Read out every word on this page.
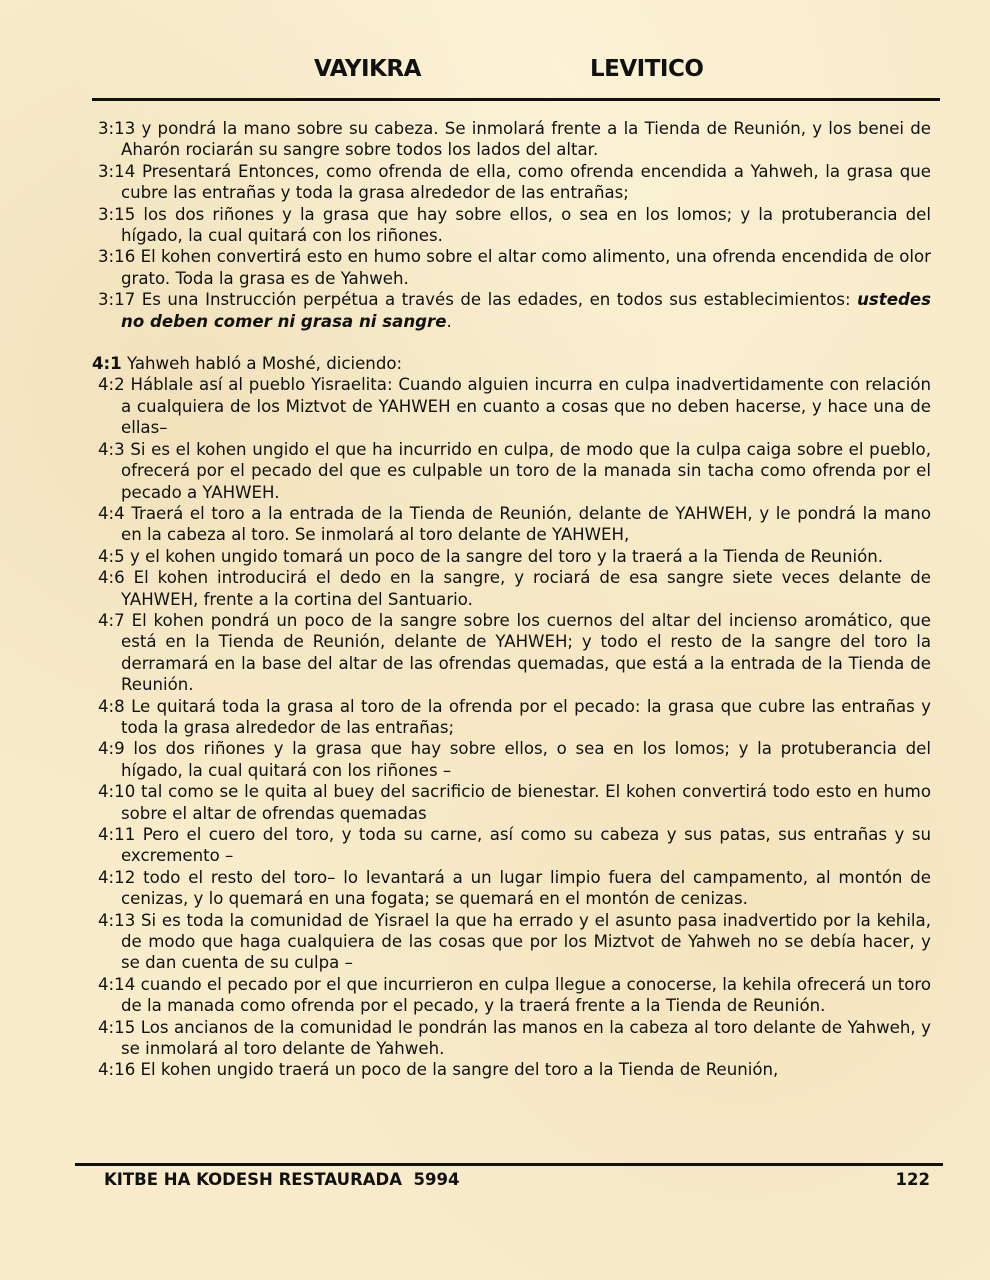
VAYIKRA	LEVITICO
3:13 y pondrá la mano sobre su cabeza. Se inmolará frente a la Tienda de Reunión, y los benei de Aharón rociarán su sangre sobre todos los lados del altar.
3:14 Presentará Entonces, como ofrenda de ella, como ofrenda encendida a Yahweh, la grasa que cubre las entrañas y toda la grasa alrededor de las entrañas;
3:15 los dos riñones y la grasa que hay sobre ellos, o sea en los lomos; y la protuberancia del hígado, la cual quitará con los riñones.
3:16 El kohen convertirá esto en humo sobre el altar como alimento, una ofrenda encendida de olor grato. Toda la grasa es de Yahweh.
3:17 Es una Instrucción perpétua a través de las edades, en todos sus establecimientos: ustedes no deben comer ni grasa ni sangre.
4:1 Yahweh habló a Moshé, diciendo:
4:2 Háblale así al pueblo Yisraelita: Cuando alguien incurra en culpa inadvertidamente con relación a cualquiera de los Miztvot de YAHWEH en cuanto a cosas que no deben hacerse, y hace una de ellas–
4:3 Si es el kohen ungido el que ha incurrido en culpa, de modo que la culpa caiga sobre el pueblo, ofrecerá por el pecado del que es culpable un toro de la manada sin tacha como ofrenda por el pecado a YAHWEH.
4:4 Traerá el toro a la entrada de la Tienda de Reunión, delante de YAHWEH, y le pondrá la mano en la cabeza al toro. Se inmolará al toro delante de YAHWEH,
4:5 y el kohen ungido tomará un poco de la sangre del toro y la traerá a la Tienda de Reunión.
4:6 El kohen introducirá el dedo en la sangre, y rociará de esa sangre siete veces delante de YAHWEH, frente a la cortina del Santuario.
4:7 El kohen pondrá un poco de la sangre sobre los cuernos del altar del incienso aromático, que está en la Tienda de Reunión, delante de YAHWEH; y todo el resto de la sangre del toro la derramará en la base del altar de las ofrendas quemadas, que está a la entrada de la Tienda de Reunión.
4:8 Le quitará toda la grasa al toro de la ofrenda por el pecado: la grasa que cubre las entrañas y toda la grasa alrededor de las entrañas;
4:9 los dos riñones y la grasa que hay sobre ellos, o sea en los lomos; y la protuberancia del hígado, la cual quitará con los riñones –
4:10 tal como se le quita al buey del sacrificio de bienestar. El kohen convertirá todo esto en humo sobre el altar de ofrendas quemadas
4:11 Pero el cuero del toro, y toda su carne, así como su cabeza y sus patas, sus entrañas y su excremento –
4:12 todo el resto del toro– lo levantará a un lugar limpio fuera del campamento, al montón de cenizas, y lo quemará en una fogata; se quemará en el montón de cenizas.
4:13 Si es toda la comunidad de Yisrael la que ha errado y el asunto pasa inadvertido por la kehila, de modo que haga cualquiera de las cosas que por los Miztvot de Yahweh no se debía hacer, y se dan cuenta de su culpa –
4:14 cuando el pecado por el que incurrieron en culpa llegue a conocerse, la kehila ofrecerá un toro de la manada como ofrenda por el pecado, y la traerá frente a la Tienda de Reunión.
4:15 Los ancianos de la comunidad le pondrán las manos en la cabeza al toro delante de Yahweh, y se inmolará al toro delante de Yahweh.
4:16 El kohen ungido traerá un poco de la sangre del toro a la Tienda de Reunión,
KITBE HA KODESH RESTAURADA  5994	122
